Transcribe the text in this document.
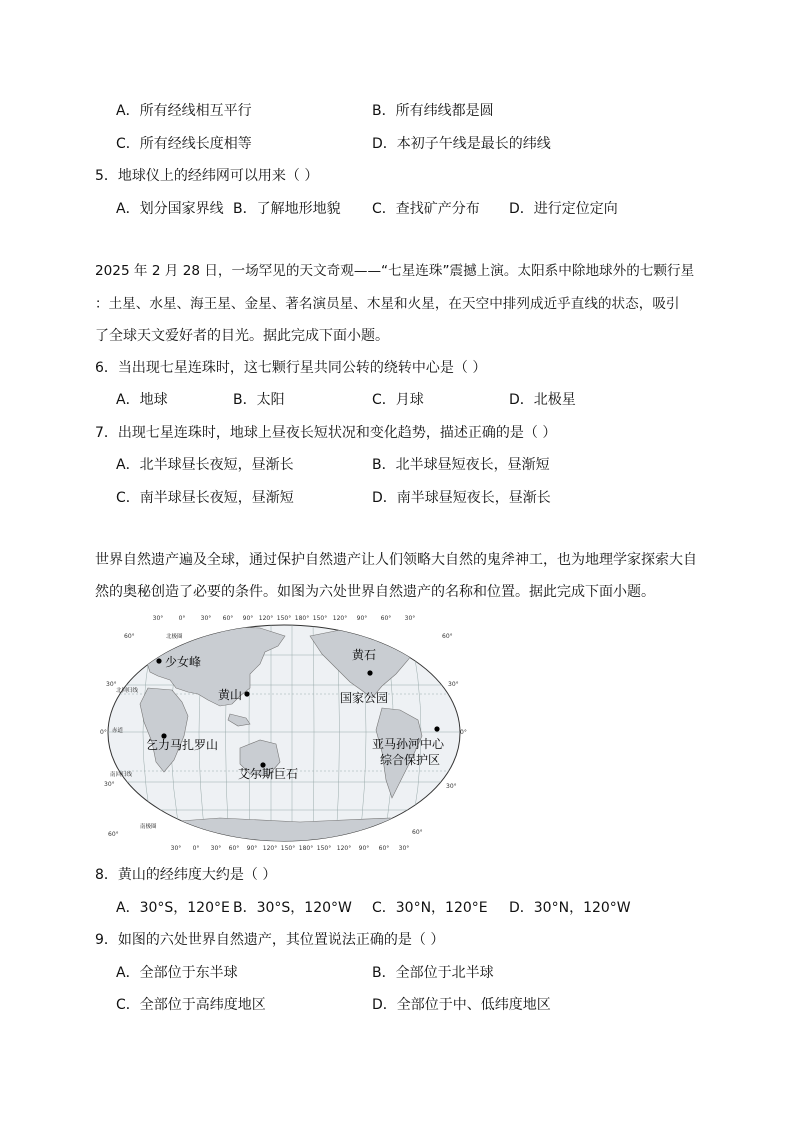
A．所有经线相互平行	B．所有纬线都是圆
C．所有经线长度相等	D．本初子午线是最长的纬线
5．地球仪上的经纬网可以用来（ ）
A．划分国家界线 B．了解地形地貌 C．查找矿产分布 D．进行定位定向
2025 年 2 月 28 日，一场罕见的天文奇观——“七星连珠”震撼上演。太阳系中除地球外的七颗行星
：土星、水星、海王星、金星、著名演员星、木星和火星，在天空中排列成近乎直线的状态，吸引
了全球天文爱好者的目光。据此完成下面小题。
6．当出现七星连珠时，这七颗行星共同公转的绕转中心是（ ）
A．地球	B．太阳	C．月球	D．北极星
7．出现七星连珠时，地球上昼夜长短状况和变化趋势，描述正确的是（ ）
A．北半球昼长夜短，昼渐长	B．北半球昼短夜长，昼渐短
C．南半球昼长夜短，昼渐短	D．南半球昼短夜长，昼渐长
世界自然遗产遍及全球，通过保护自然遗产让人们领略大自然的鬼斧神工，也为地理学家探索大自
然的奥秘创造了必要的条件。如图为六处世界自然遗产的名称和位置。据此完成下面小题。
30°	0°	30° 60° 90° 120° 150° 180° 150° 120° 90° 60° 30°
30° 0° 30° 60° 90° 120° 150° 180° 150° 120° 90° 60° 30°
60°
30°
0°
30°
60°
60°
30°
0°
30°
60°
北极圈
北回归线
赤道
南回归线
南极圈
少女峰
黄山
黄石
国家公园
乞力马扎罗山	亚马孙河中心
综合保护区
艾尔斯巨石
8．黄山的经纬度大约是（ ）
A．30°S，120°E B．30°S，120°W C．30°N，120°E D．30°N，120°W
9．如图的六处世界自然遗产，其位置说法正确的是（ ）
A．全部位于东半球	B．全部位于北半球
C．全部位于高纬度地区	D．全部位于中、低纬度地区
